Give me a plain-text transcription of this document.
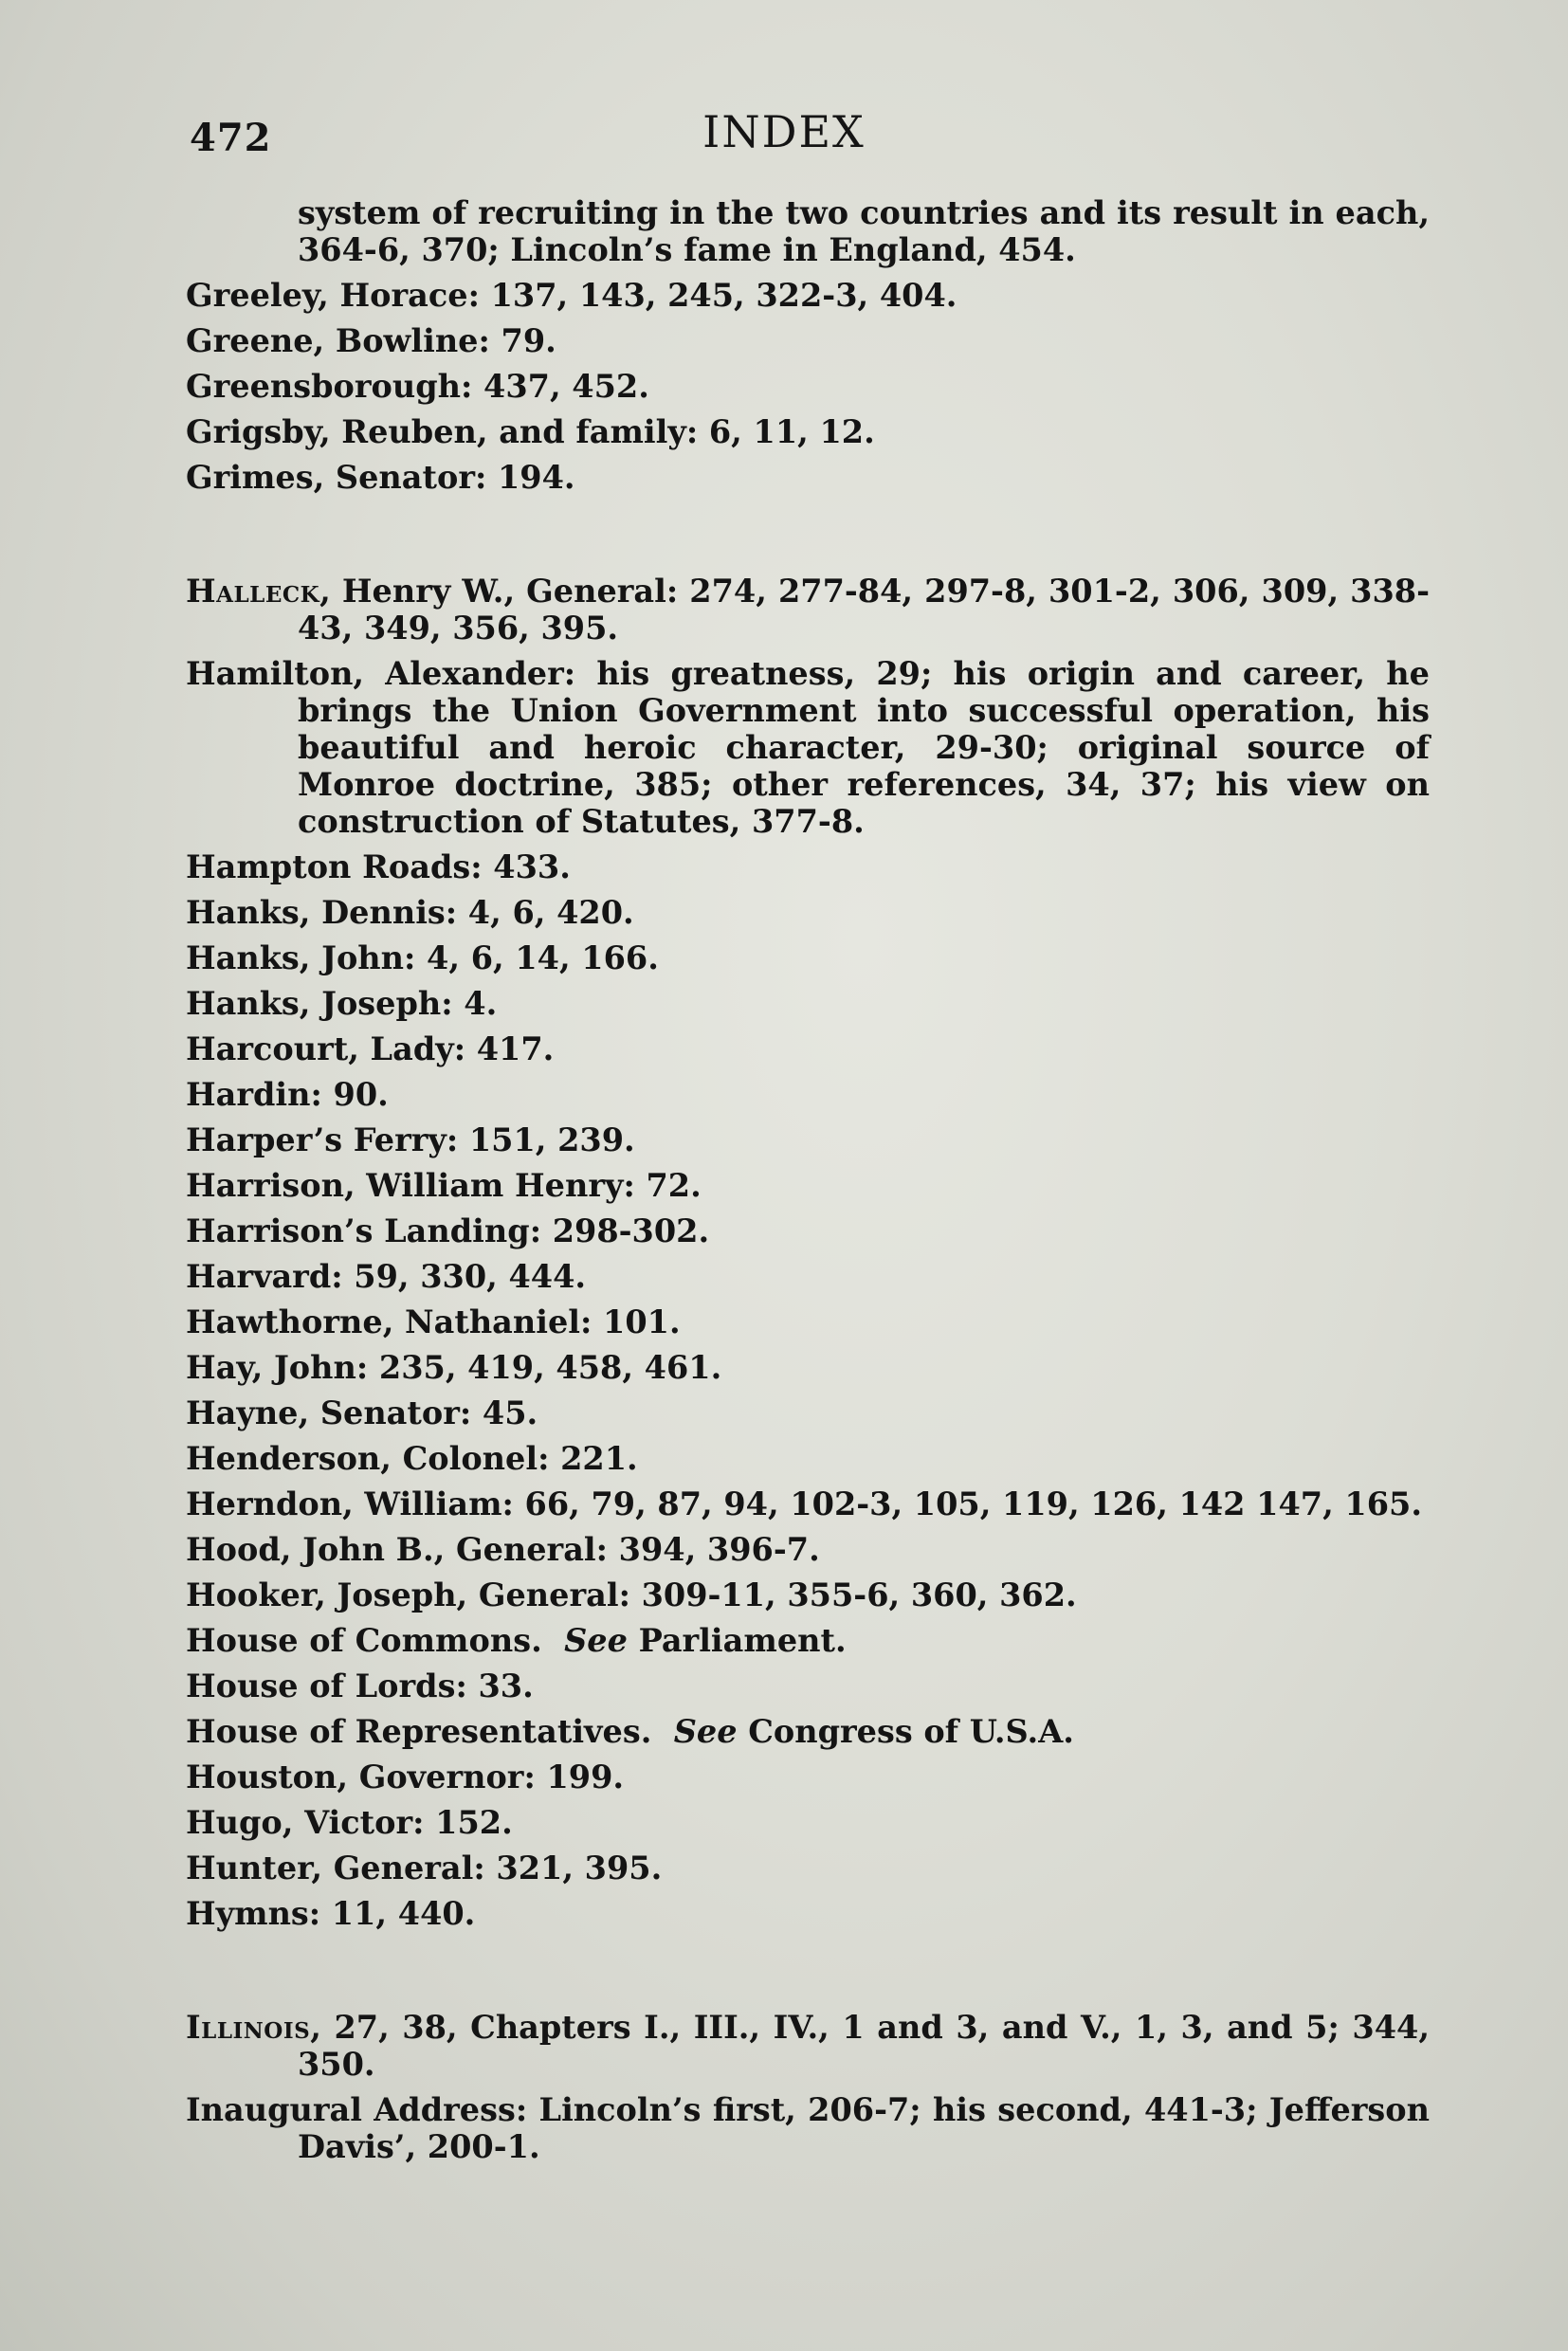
472	INDEX
system of recruiting in the two countries and its result in each, 364-6, 370; Lincoln’s fame in England, 454.
Greeley, Horace: 137, 143, 245, 322-3, 404.
Greene, Bowline: 79.
Greensborough: 437, 452.
Grigsby, Reuben, and family: 6, 11, 12.
Grimes, Senator: 194.
Halleck, Henry W., General: 274, 277-84, 297-8, 301-2, 306, 309, 338-43, 349, 356, 395.
Hamilton, Alexander: his greatness, 29; his origin and career, he brings the Union Government into successful operation, his beautiful and heroic character, 29-30; original source of Monroe doctrine, 385; other references, 34, 37; his view on construction of Statutes, 377-8.
Hampton Roads: 433.
Hanks, Dennis: 4, 6, 420.
Hanks, John: 4, 6, 14, 166.
Hanks, Joseph: 4.
Harcourt, Lady: 417.
Hardin: 90.
Harper’s Ferry: 151, 239.
Harrison, William Henry: 72.
Harrison’s Landing: 298-302.
Harvard: 59, 330, 444.
Hawthorne, Nathaniel: 101.
Hay, John: 235, 419, 458, 461.
Hayne, Senator: 45.
Henderson, Colonel: 221.
Herndon, William: 66, 79, 87, 94, 102-3, 105, 119, 126, 142 147, 165.
Hood, John B., General: 394, 396-7.
Hooker, Joseph, General: 309-11, 355-6, 360, 362.
House of Commons. See Parliament.
House of Lords: 33.
House of Representatives. See Congress of U.S.A.
Houston, Governor: 199.
Hugo, Victor: 152.
Hunter, General: 321, 395.
Hymns: 11, 440.
Illinois, 27, 38, Chapters I., III., IV., 1 and 3, and V., 1, 3, and 5; 344, 350.
Inaugural Address: Lincoln’s first, 206-7; his second, 441-3; Jefferson Davis’, 200-1.
